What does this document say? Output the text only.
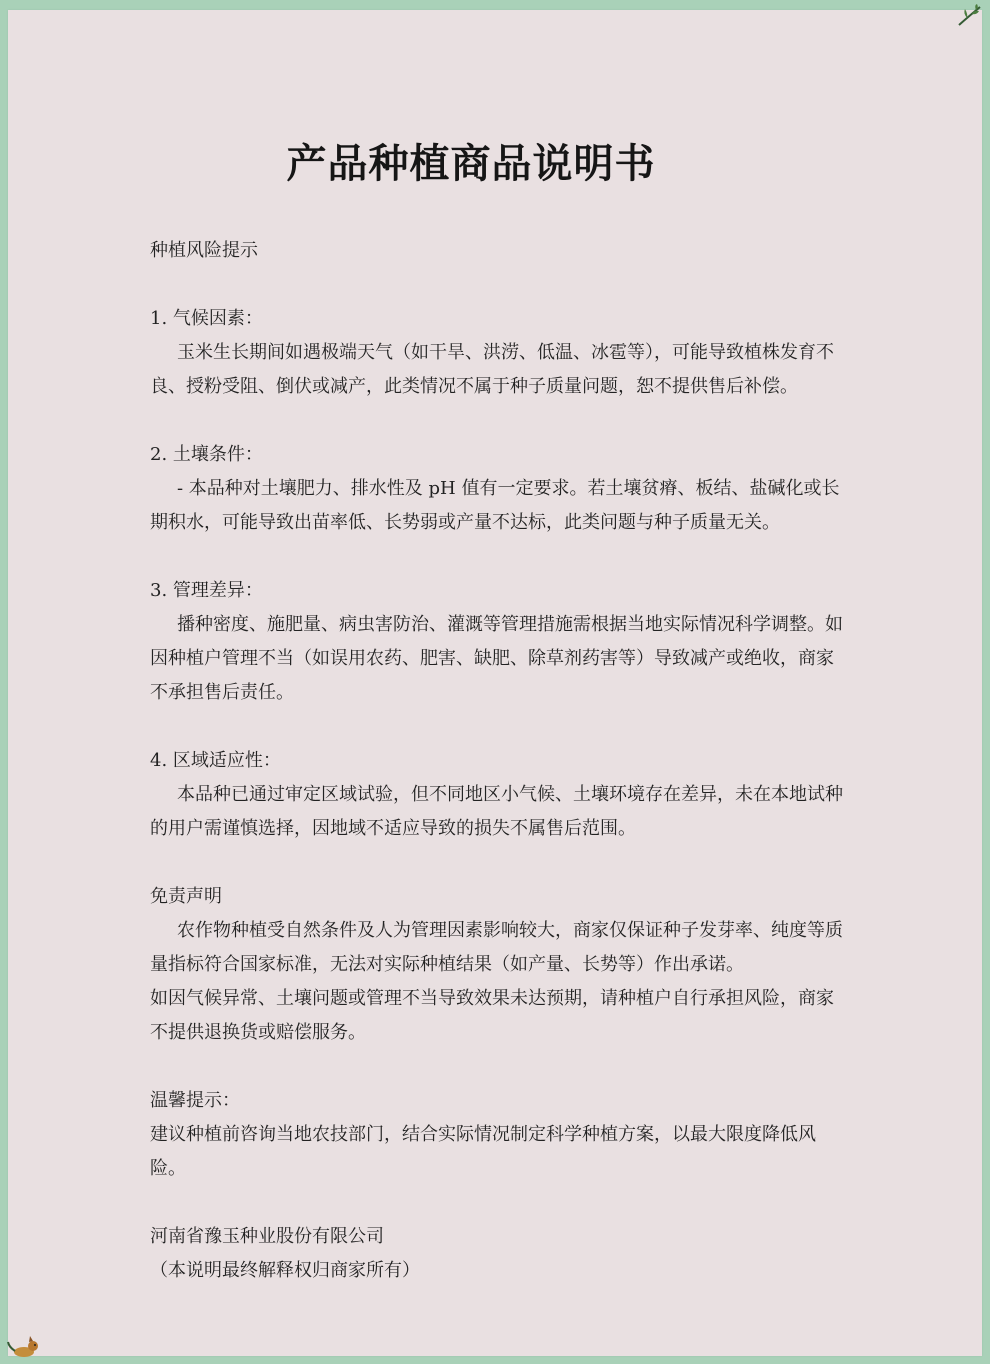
产品种植商品说明书

种植风险提示

1. 气候因素：

玉米生长期间如遇极端天气（如干旱、洪涝、低温、冰雹等），可能导致植株发育不良、授粉受阻、倒伏或减产，此类情况不属于种子质量问题，恕不提供售后补偿。

2. 土壤条件：

- 本品种对土壤肥力、排水性及 pH 值有一定要求。若土壤贫瘠、板结、盐碱化或长期积水，可能导致出苗率低、长势弱或产量不达标，此类问题与种子质量无关。

3. 管理差异：

播种密度、施肥量、病虫害防治、灌溉等管理措施需根据当地实际情况科学调整。如因种植户管理不当（如误用农药、肥害、缺肥、除草剂药害等）导致减产或绝收，商家不承担售后责任。

4. 区域适应性：

本品种已通过审定区域试验，但不同地区小气候、土壤环境存在差异，未在本地试种的用户需谨慎选择，因地域不适应导致的损失不属售后范围。

免责声明

农作物种植受自然条件及人为管理因素影响较大，商家仅保证种子发芽率、纯度等质量指标符合国家标准，无法对实际种植结果（如产量、长势等）作出承诺。

如因气候异常、土壤问题或管理不当导致效果未达预期，请种植户自行承担风险，商家不提供退换货或赔偿服务。

温馨提示：

建议种植前咨询当地农技部门，结合实际情况制定科学种植方案，以最大限度降低风险。

河南省豫玉种业股份有限公司

（本说明最终解释权归商家所有）
